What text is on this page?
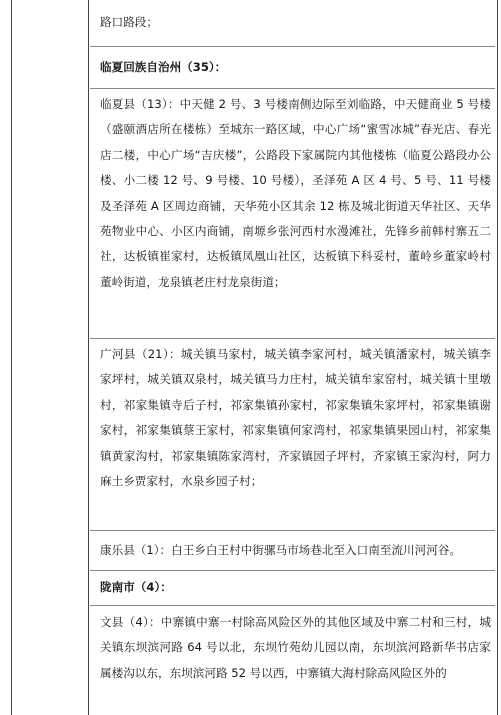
路口路段；

临夏回族自治州（35）：

临夏县（13）：中天健 2 号、3 号楼南侧边际至刘临路，中天健商业 5 号楼（盛颐酒店所在楼栋）至城东一路区域，中心广场“蜜雪冰城”春光店、春光店二楼，中心广场“吉庆楼”，公路段下家属院内其他楼栋（临夏公路段办公楼、小二楼 12 号、9 号楼、10 号楼），圣泽苑 A 区 4 号、5 号、11 号楼及圣泽苑 A 区周边商铺，天华苑小区其余 12 栋及城北街道天华社区、天华苑物业中心、小区内商铺，南塬乡张河西村水漫滩社，先锋乡前韩村寨五二社，达板镇崔家村，达板镇凤凰山社区，达板镇下科妥村，董岭乡董家岭村董岭街道，龙泉镇老庄村龙泉街道；

广河县（21）：城关镇马家村，城关镇李家河村，城关镇潘家村，城关镇李家坪村，城关镇双泉村，城关镇马力庄村，城关镇牟家窑村，城关镇十里墩村，祁家集镇寺后子村，祁家集镇孙家村，祁家集镇朱家坪村，祁家集镇谢家村，祁家集镇蔡王家村，祁家集镇何家湾村，祁家集镇果园山村，祁家集镇黄家沟村，祁家集镇陈家湾村，齐家镇园子坪村，齐家镇王家沟村，阿力麻土乡贾家村，水泉乡园子村；

康乐县（1）：白王乡白王村中街骡马市场巷北至入口南至流川河河谷。

陇南市（4）：

文县（4）：中寨镇中寨一村除高风险区外的其他区域及中寨二村和三村，城关镇东坝滨河路 64 号以北，东坝竹苑幼儿园以南，东坝滨河路新华书店家属楼沟以东，东坝滨河路 52 号以西，中寨镇大海村除高风险区外的
